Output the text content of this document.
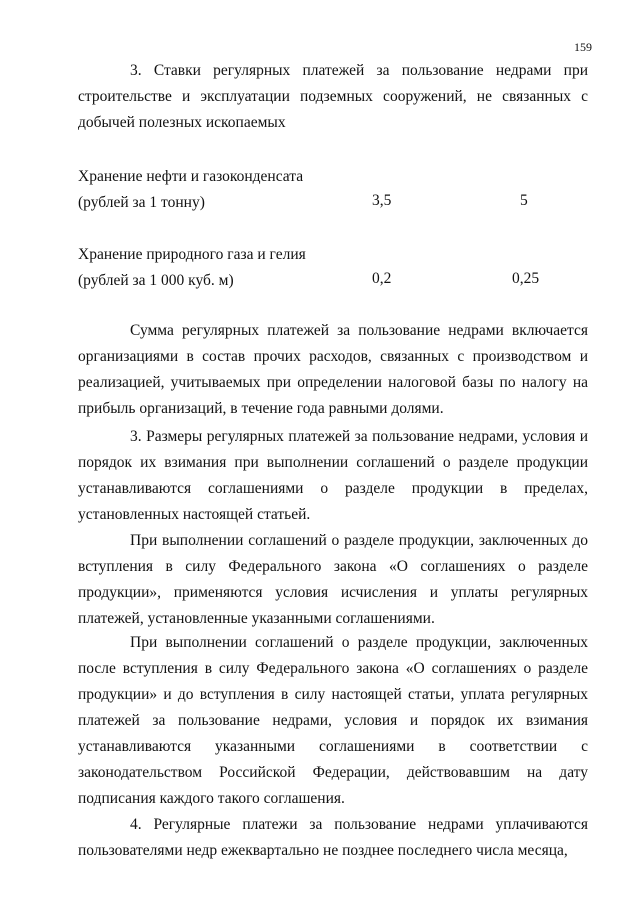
159
3. Ставки регулярных платежей за пользование недрами при строительстве и эксплуатации подземных сооружений, не связанных с добычей полезных ископаемых
Хранение нефти и газоконденсата
(рублей за 1 тонну)	3,5	5
Хранение природного газа и гелия
(рублей за 1 000 куб. м)	0,2	0,25
Сумма регулярных платежей за пользование недрами включается организациями в состав прочих расходов, связанных с производством и реализацией, учитываемых при определении налоговой базы по налогу на прибыль организаций, в течение года равными долями.
3. Размеры регулярных платежей за пользование недрами, условия и порядок их взимания при выполнении соглашений о разделе продукции устанавливаются соглашениями о разделе продукции в пределах, установленных настоящей статьей.
При выполнении соглашений о разделе продукции, заключенных до вступления в силу Федерального закона «О соглашениях о разделе продукции», применяются условия исчисления и уплаты регулярных платежей, установленные указанными соглашениями.
При выполнении соглашений о разделе продукции, заключенных после вступления в силу Федерального закона «О соглашениях о разделе продукции» и до вступления в силу настоящей статьи, уплата регулярных платежей за пользование недрами, условия и порядок их взимания устанавливаются указанными соглашениями в соответствии с законодательством Российской Федерации, действовавшим на дату подписания каждого такого соглашения.
4. Регулярные платежи за пользование недрами уплачиваются пользователями недр ежеквартально не позднее последнего числа месяца,
